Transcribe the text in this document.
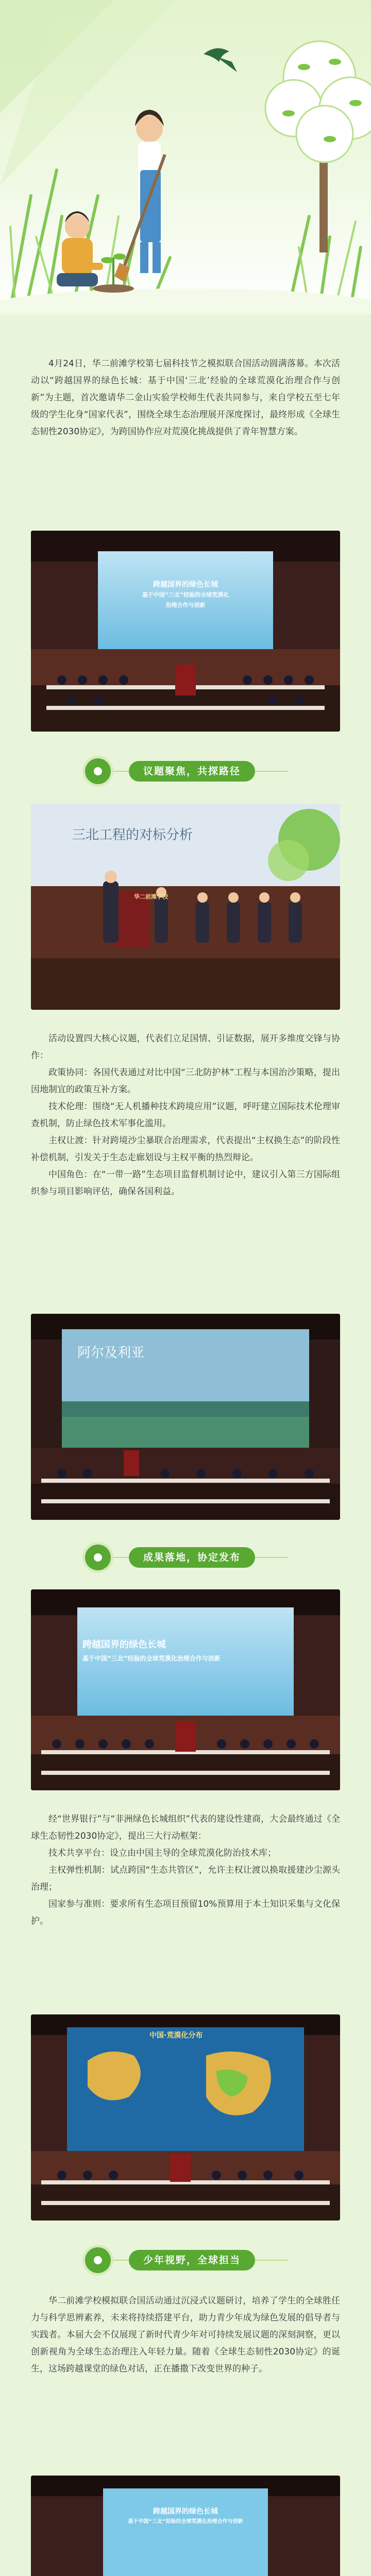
4月24日，华二前滩学校第七届科技节之模拟联合国活动圆满落幕。本次活动以“跨越国界的绿色长城：基于中国‘三北’经验的全球荒漠化治理合作与创新”为主题，首次邀请华二金山实验学校师生代表共同参与，来自学校五至七年级的学生化身“国家代表”，围绕全球生态治理展开深度探讨，最终形成《全球生态韧性2030协定》，为跨国协作应对荒漠化挑战提供了青年智慧方案。

跨越国界的绿色长城
基于中国“三北”经验的全球荒漠化
治理合作与创新
议题聚焦，共探路径
三北工程的对标分析
华二前滩学校

活动设置四大核心议题，代表们立足国情、引证数据，展开多维度交锋与协作：

政策协同：各国代表通过对比中国“三北防护林”工程与本国治沙策略，提出因地制宜的政策互补方案。

技术伦理：围绕“无人机播种技术跨境应用”议题，呼吁建立国际技术伦理审查机制，防止绿色技术军事化滥用。

主权让渡：针对跨境沙尘暴联合治理需求，代表提出“主权换生态”的阶段性补偿机制，引发关于生态走廊划设与主权平衡的热烈辩论。

中国角色：在“一带一路”生态项目监督机制讨论中，建议引入第三方国际组织参与项目影响评估，确保各国利益。

阿尔及利亚
成果落地，协定发布
跨越国界的绿色长城
基于中国“三北”经验的全球荒漠化治理合作与创新

经“世界银行”与“非洲绿色长城组织”代表的建设性建商，大会最终通过《全球生态韧性2030协定》，提出三大行动框架：

技术共享平台：设立由中国主导的全球荒漠化防治技术库；

主权弹性机制：试点跨国“生态共管区”，允许主权让渡以换取援建沙尘源头治理；

国家参与准则：要求所有生态项目预留10%预算用于本土知识采集与文化保护。

中国·荒漠化分布
少年视野，全球担当

华二前滩学校模拟联合国活动通过沉浸式议题研讨，培养了学生的全球胜任力与科学思辨素养，未来将持续搭建平台，助力青少年成为绿色发展的倡导者与实践者。本届大会不仅展现了新时代青少年对可持续发展议题的深刻洞察，更以创新视角为全球生态治理注入年轻力量。随着《全球生态韧性2030协定》的诞生，这场跨越课堂的绿色对话，正在播撒下改变世界的种子。

跨越国界的绿色长城
基于中国“三北”经验的全球荒漠化治理合作与创新
